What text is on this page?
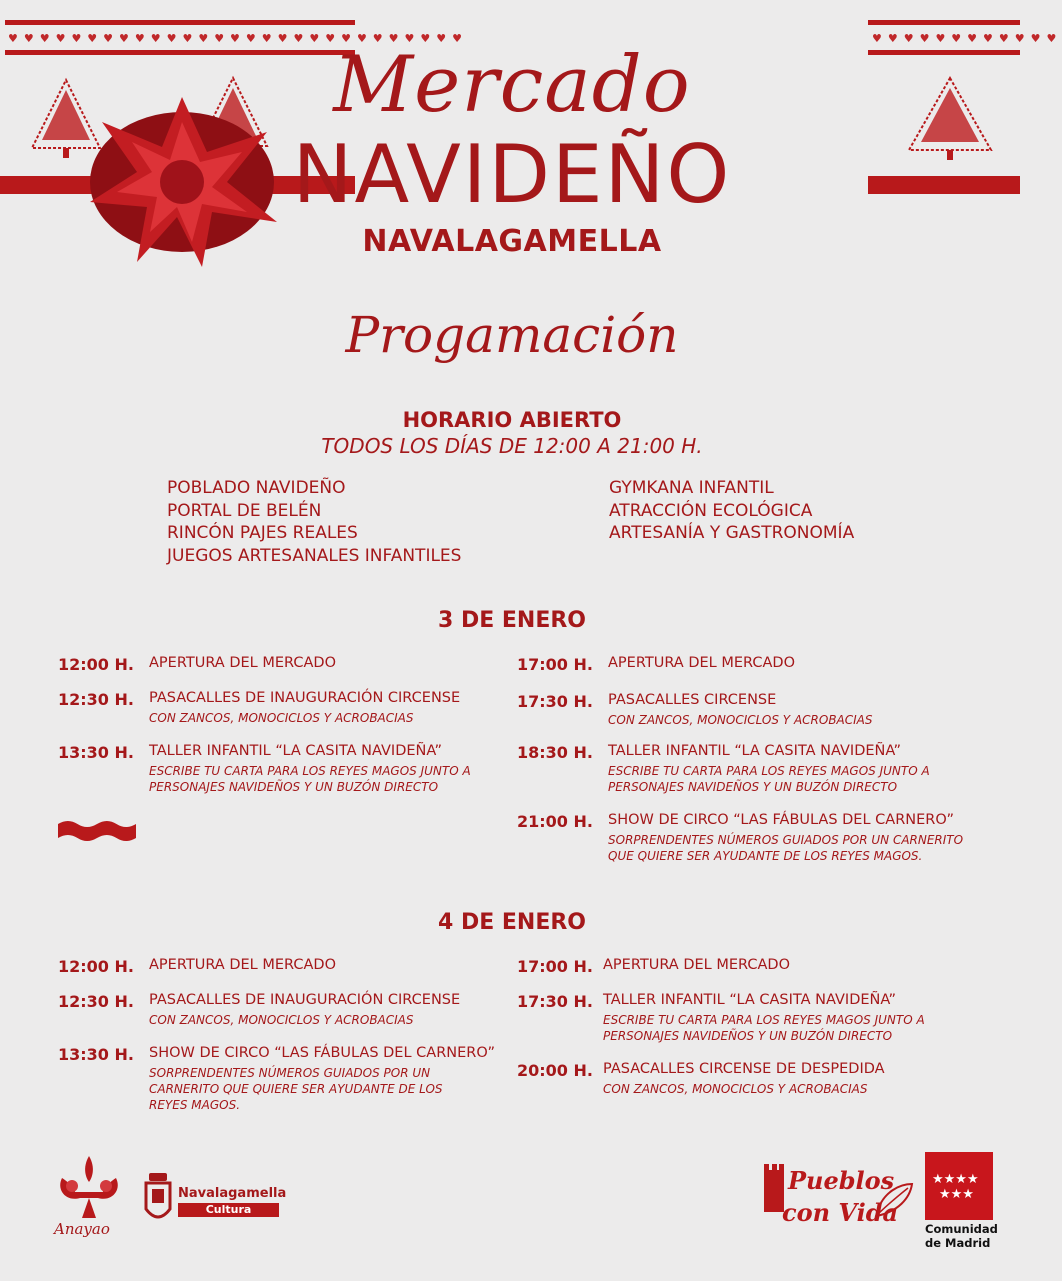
♥♥♥♥♥♥♥♥♥♥♥♥♥♥♥♥♥♥♥♥♥♥♥♥♥♥♥♥♥	♥♥♥♥♥♥♥♥♥♥♥♥
Mercado
NAVIDEÑO
NAVALAGAMELLA
Progamación
HORARIO ABIERTO
TODOS LOS DÍAS DE 12:00 A 21:00 H.
POBLADO NAVIDEÑO
PORTAL DE BELÉN
RINCÓN PAJES REALES
JUEGOS ARTESANALES INFANTILES
GYMKANA INFANTIL
ATRACCIÓN ECOLÓGICA
ARTESANÍA Y GASTRONOMÍA
3 DE ENERO
12:00 H. APERTURA DEL MERCADO
12:30 H. PASACALLES DE INAUGURACIÓN CIRCENSE
CON ZANCOS, MONOCICLOS Y ACROBACIAS
13:30 H. TALLER INFANTIL “LA CASITA NAVIDEÑA”
ESCRIBE TU CARTA PARA LOS REYES MAGOS JUNTO A PERSONAJES NAVIDEÑOS Y UN BUZÓN DIRECTO
17:00 H. APERTURA DEL MERCADO
17:30 H. PASACALLES CIRCENSE
CON ZANCOS, MONOCICLOS Y ACROBACIAS
18:30 H. TALLER INFANTIL “LA CASITA NAVIDEÑA”
ESCRIBE TU CARTA PARA LOS REYES MAGOS JUNTO A PERSONAJES NAVIDEÑOS Y UN BUZÓN DIRECTO
21:00 H. SHOW DE CIRCO “LAS FÁBULAS DEL CARNERO”
SORPRENDENTES NÚMEROS GUIADOS POR UN CARNERITO QUE QUIERE SER AYUDANTE DE LOS REYES MAGOS.
4 DE ENERO
12:00 H. APERTURA DEL MERCADO
12:30 H. PASACALLES DE INAUGURACIÓN CIRCENSE
CON ZANCOS, MONOCICLOS Y ACROBACIAS
13:30 H. SHOW DE CIRCO “LAS FÁBULAS DEL CARNERO”
SORPRENDENTES NÚMEROS GUIADOS POR UN CARNERITO QUE QUIERE SER AYUDANTE DE LOS REYES MAGOS.
17:00 H. APERTURA DEL MERCADO
17:30 H. TALLER INFANTIL “LA CASITA NAVIDEÑA”
ESCRIBE TU CARTA PARA LOS REYES MAGOS JUNTO A PERSONAJES NAVIDEÑOS Y UN BUZÓN DIRECTO
20:00 H. PASACALLES CIRCENSE DE DESPEDIDA
CON ZANCOS, MONOCICLOS Y ACROBACIAS
Anayao
Navalagamella
Cultura
Pueblos
con Vida
★★★★
★★★
Comunidad
de Madrid
